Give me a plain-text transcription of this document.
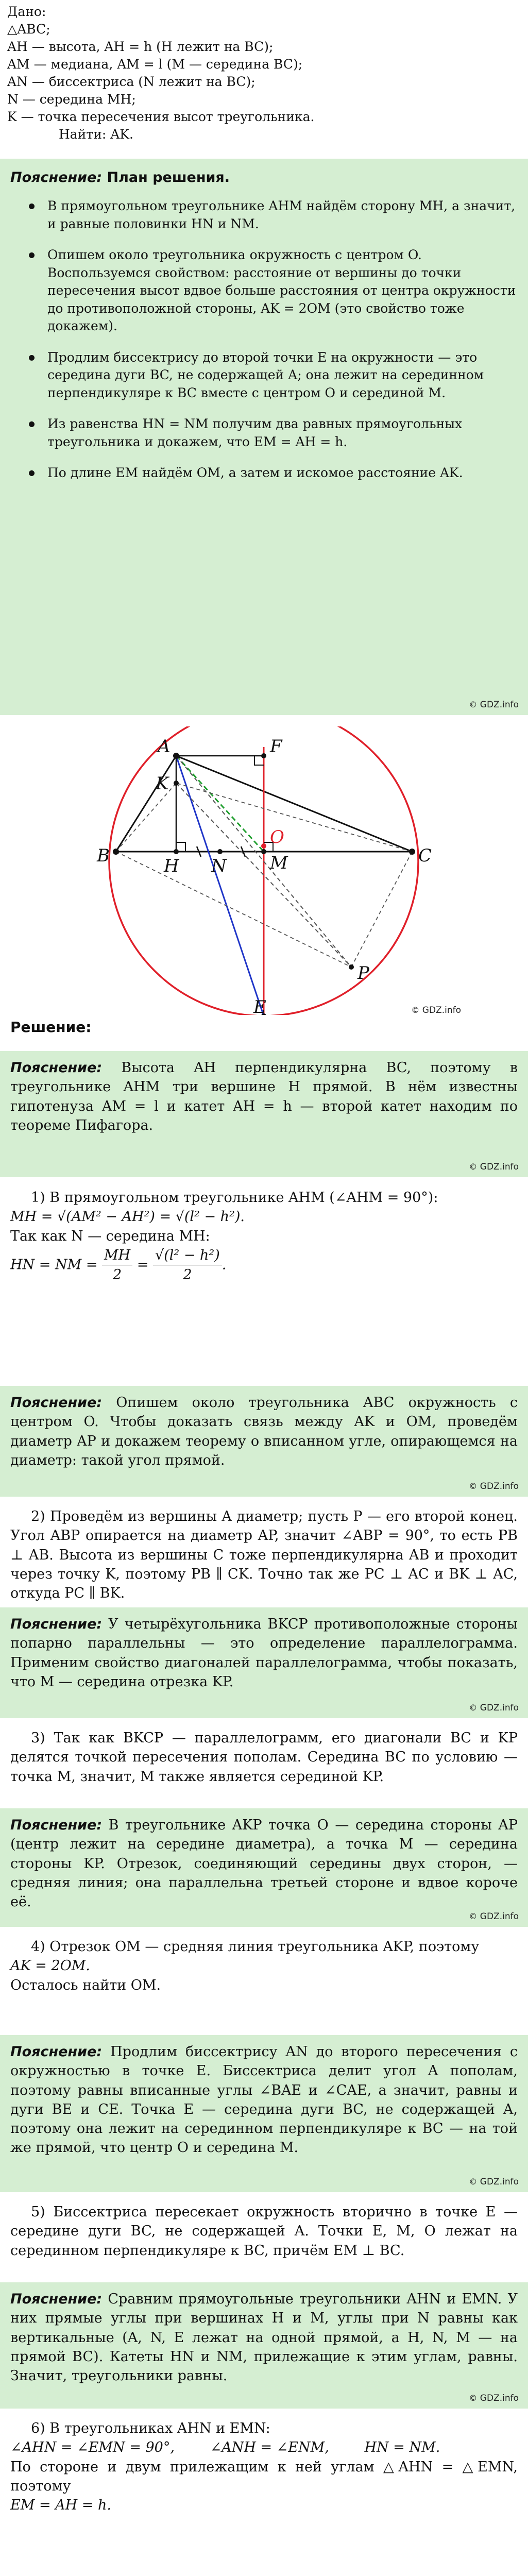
Дано:

△ABC;

AH — высота, AH = h (H лежит на BC);

AM — медиана, AM = l (M — середина BC);

AN — биссектриса (N лежит на BC);

N — середина MH;

K — точка пересечения высот треугольника.

Найти: AK.

Пояснение: План решения.
В прямоугольном треугольнике AHM найдём сторону MH, а значит, и равные половинки HN и NM.
Опишем около треугольника окружность с центром O. Воспользуемся свойством: расстояние от вершины до точки пересечения высот вдвое больше расстояния от центра окружности до противоположной стороны, AK = 2OM (это свойство тоже докажем).
Продлим биссектрису до второй точки E на окружности — это середина дуги BC, не содержащей A; она лежит на серединном перпендикуляре к BC вместе с центром O и серединой M.
Из равенства HN = NM получим два равных прямоугольных треугольника и докажем, что EM = AH = h.
По длине EM найдём OM, а затем и искомое расстояние AK.
© GDZ.info
A
B	C
H N M
O
K
E
F
P
Решение:

Пояснение: Высота AH перпендикулярна BC, поэтому в треугольнике AHM три вершине H прямой. В нём известны гипотенуза AM = l и катет AH = h — второй катет находим по теореме Пифагора.

© GDZ.info

1) В прямоугольном треугольнике AHM (∠AHM = 90°):

MH = √(AM² − AH²) = √(l² − h²).

Так как N — середина MH:

HN = NM = $\frac{MH}{2} = \frac{\text{√(l² − h²)}}{2}$ .

Пояснение: Опишем около треугольника ABC окружность с центром O. Чтобы доказать связь между AK и OM, проведём диаметр AP и докажем теорему о вписанном угле, опирающемся на диаметр: такой угол прямой.

© GDZ.info

2) Проведём из вершины A диаметр; пусть P — его второй конец. Угол ABP опирается на диаметр AP, значит ∠ABP = 90°, то есть PB ⊥ AB. Высота из вершины C тоже перпендикулярна AB и проходит через точку K, поэтому PB ∥ CK. Точно так же PC ⊥ AC и BK ⊥ AC, откуда PC ∥ BK.

Пояснение: У четырёхугольника BKCP противоположные стороны попарно параллельны — это определение параллелограмма. Применим свойство диагоналей параллелограмма, чтобы показать, что M — середина отрезка KP.

© GDZ.info

3) Так как BKCP — параллелограмм, его диагонали BC и KP делятся точкой пересечения пополам. Середина BC по условию — точка M, значит, M также является серединой KP.

Пояснение: В треугольнике AKP точка O — середина стороны AP (центр лежит на середине диаметра), а точка M — середина стороны KP. Отрезок, соединяющий середины двух сторон, — средняя линия; она параллельна третьей стороне и вдвое короче её.

© GDZ.info

4) Отрезок OM — средняя линия треугольника AKP, поэтому

AK = 2OM.

Осталось найти OM.

Пояснение: Продлим биссектрису AN до второго пересечения с окружностью в точке E. Биссектриса делит угол A пополам, поэтому равны вписанные углы ∠BAE и ∠CAE, а значит, равны и дуги BE и CE. Точка E — середина дуги BC, не содержащей A, поэтому она лежит на серединном перпендикуляре к BC — на той же прямой, что центр O и середина M.

© GDZ.info

5) Биссектриса пересекает окружность вторично в точке E — середине дуги BC, не содержащей A. Точки E, M, O лежат на серединном перпендикуляре к BC, причём EM ⊥ BC.

Пояснение: Сравним прямоугольные треугольники AHN и EMN. У них прямые углы при вершинах H и M, углы при N равны как вертикальные (A, N, E лежат на одной прямой, а H, N, M — на прямой BC). Катеты HN и NM, прилежащие к этим углам, равны. Значит, треугольники равны.

© GDZ.info

6) В треугольниках AHN и EMN:

∠AHN = ∠EMN = 90°,        ∠ANH = ∠ENM,        HN = NM.

По стороне и двум прилежащим к ней углам △AHN = △EMN, поэтому

EM = AH = h.

© GDZ.info
